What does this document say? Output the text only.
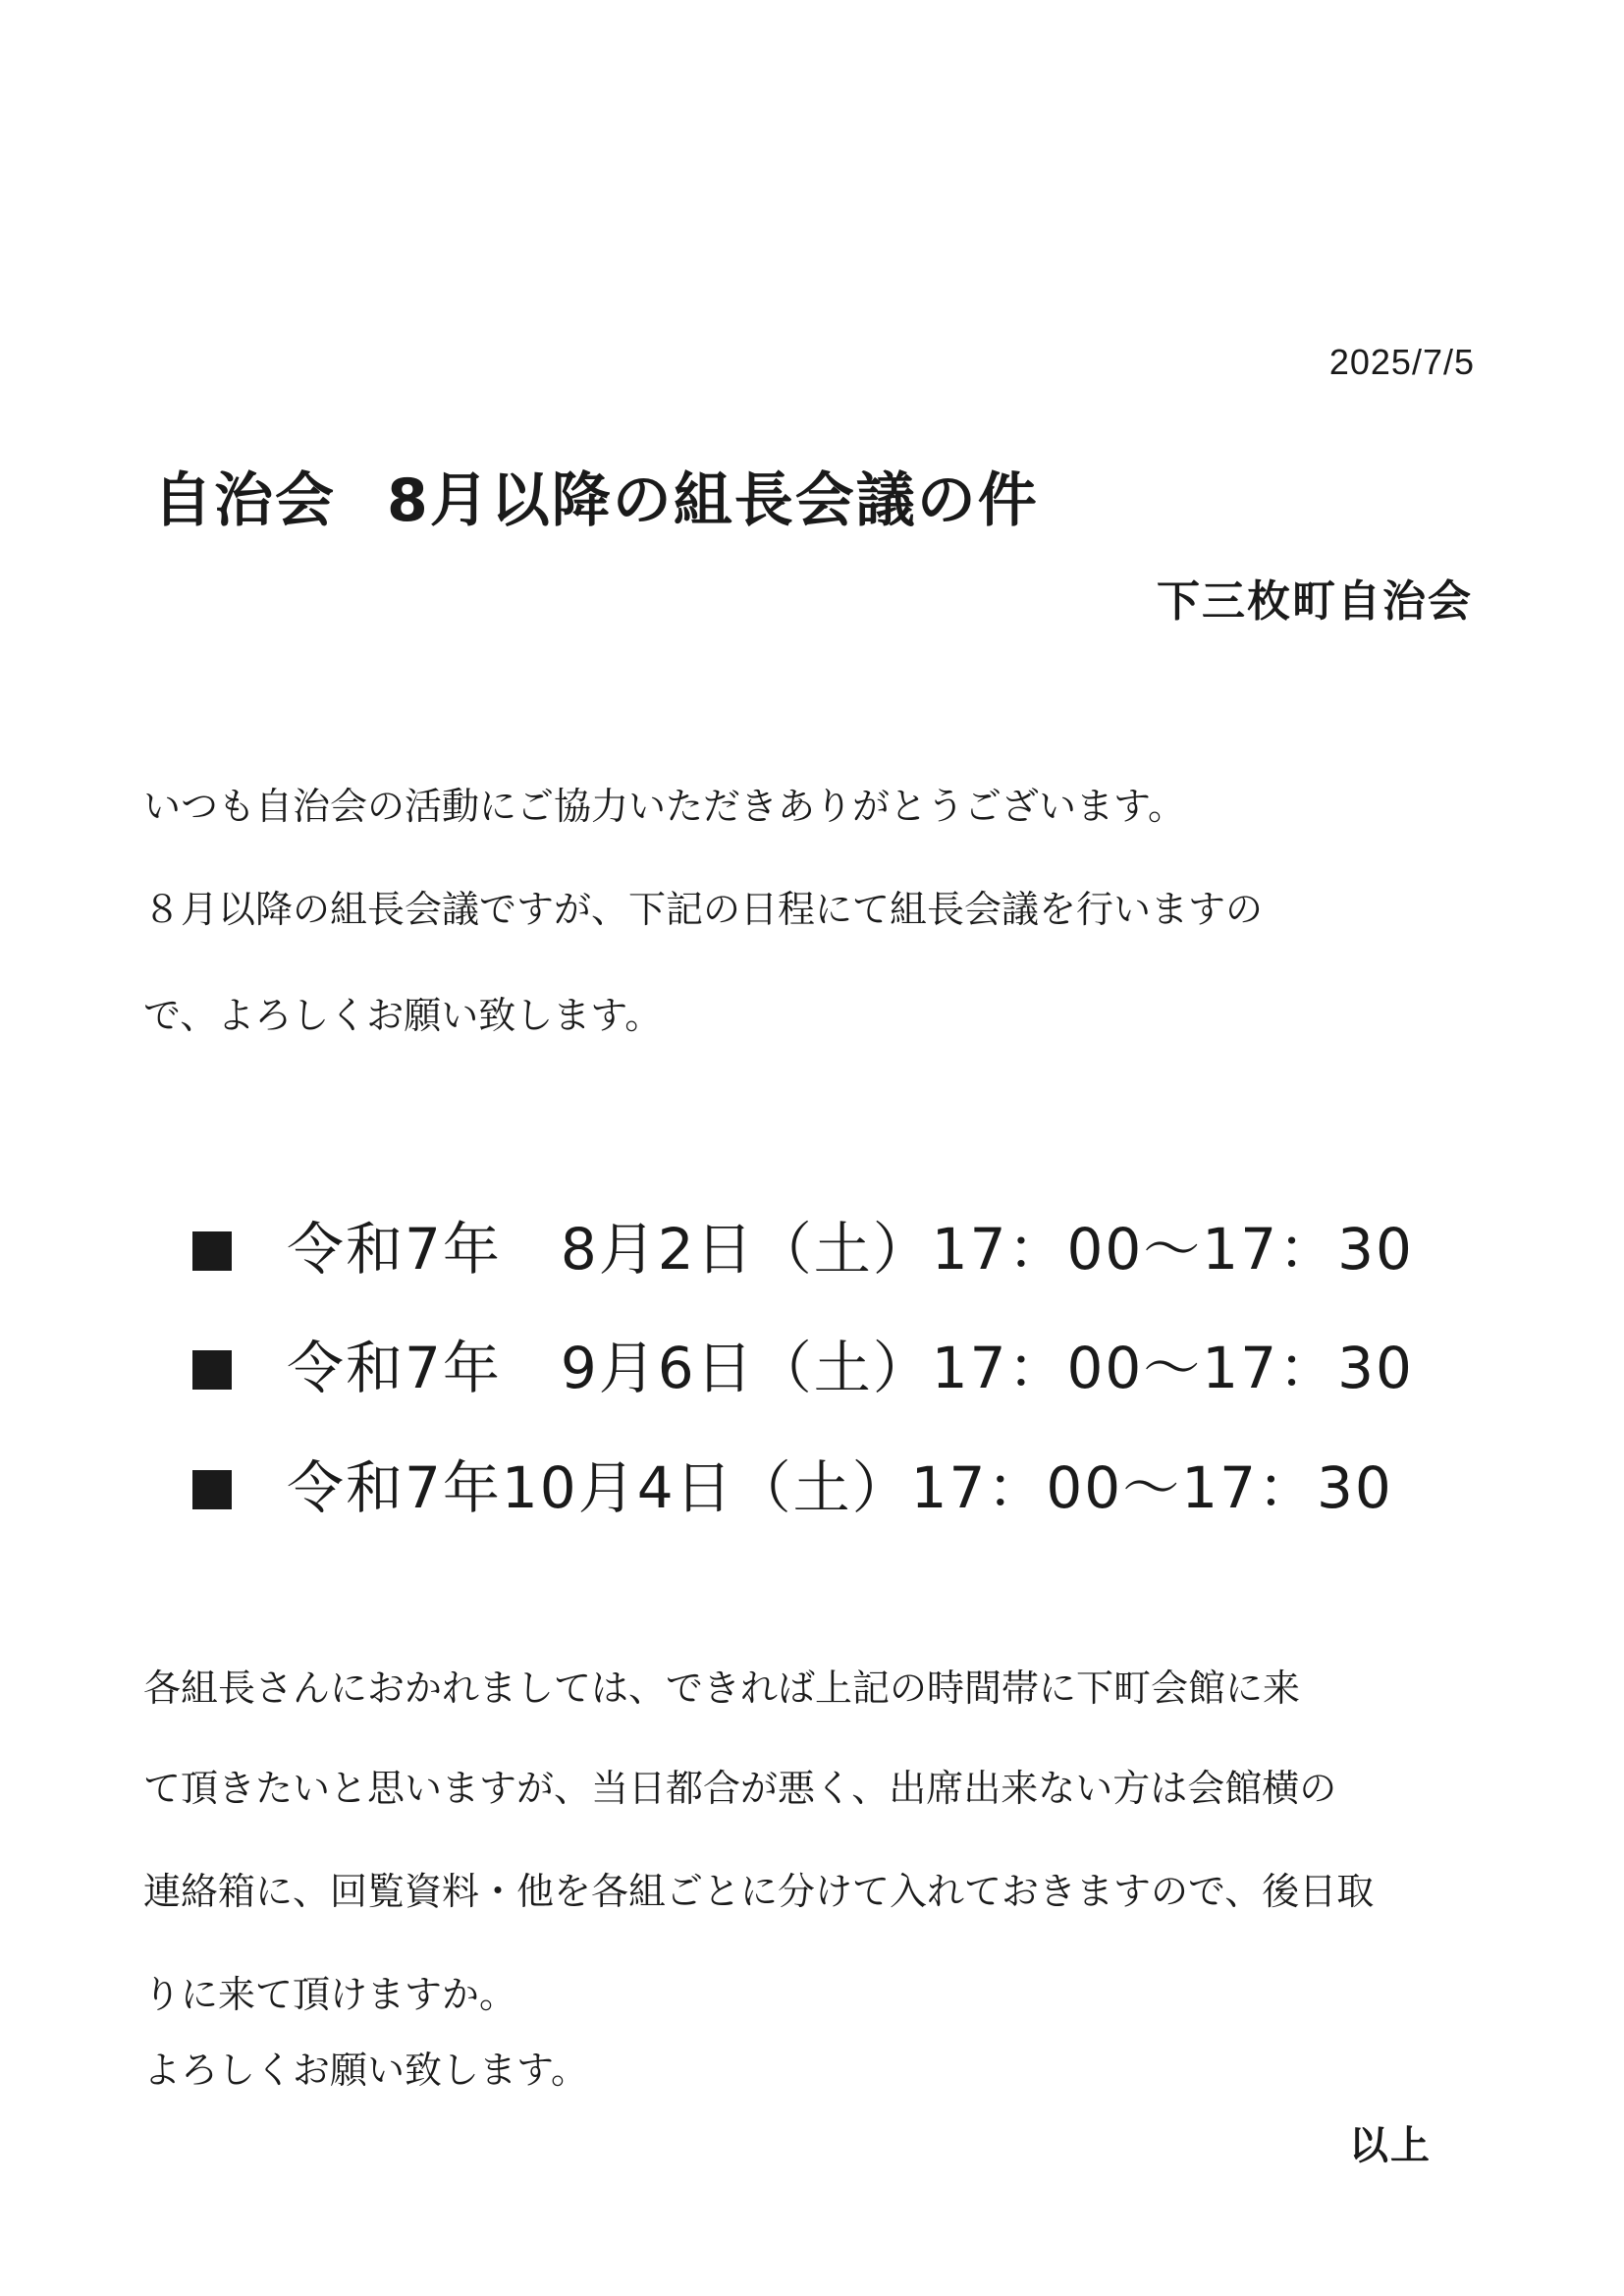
2025/7/5
自治会 8月以降の組長会議の件
下三枚町自治会
いつも自治会の活動にご協力いただきありがとうございます。
８月以降の組長会議ですが、下記の日程にて組長会議を行いますの
で、よろしくお願い致します。
令和7年　8月2日（土）17：00～17：30
令和7年　9月6日（土）17：00～17：30
令和7年10月4日（土）17：00～17：30
各組長さんにおかれましては、できれば上記の時間帯に下町会館に来
て頂きたいと思いますが、当日都合が悪く、出席出来ない方は会館横の
連絡箱に、回覧資料・他を各組ごとに分けて入れておきますので、後日取
りに来て頂けますか。
よろしくお願い致します。
以上
